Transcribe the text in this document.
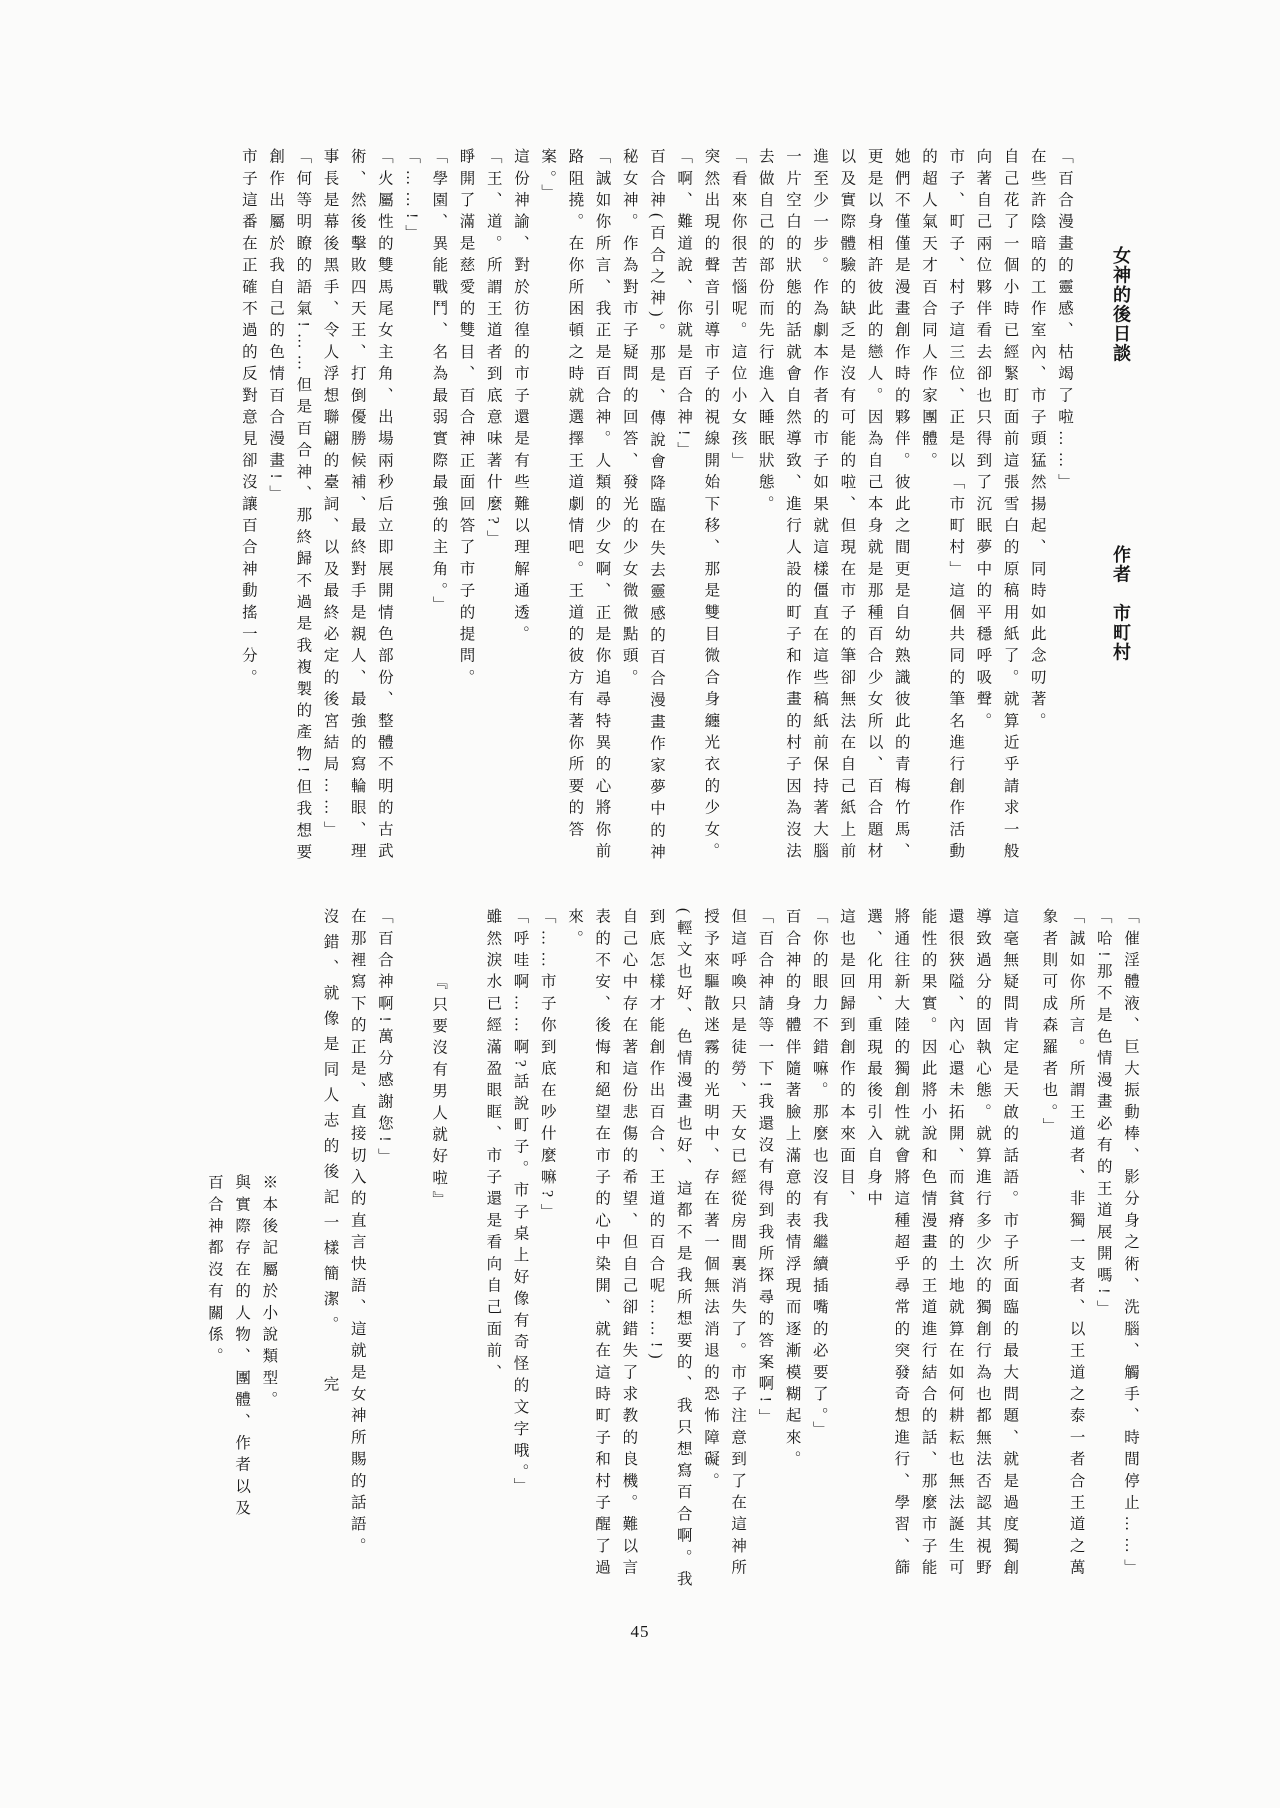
女神的後日談作者　市町村

「百合漫畫的靈感、枯竭了啦……」

在些許陰暗的工作室內、市子頭猛然揚起、同時如此念叨著。

自己花了一個小時已經緊盯面前這張雪白的原稿用紙了。就算近乎請求一般向著自己兩位夥伴看去卻也只得到了沉眠夢中的平穩呼吸聲。

市子、町子、村子這三位、正是以「市町村」這個共同的筆名進行創作活動的超人氣天才百合同人作家團體。

她們不僅僅是漫畫創作時的夥伴。彼此之間更是自幼熟識彼此的青梅竹馬、更是以身相許彼此的戀人。因為自己本身就是那種百合少女所以、百合題材以及實際體驗的缺乏是沒有可能的啦、但現在市子的筆卻無法在自己紙上前進至少一步。作為劇本作者的市子如果就這樣僵直在這些稿紙前保持著大腦一片空白的狀態的話就會自然導致、進行人設的町子和作畫的村子因為沒法去做自己的部份而先行進入睡眠狀態。

「看來你很苦惱呢。這位小女孩」

突然出現的聲音引導市子的視線開始下移、那是雙目微合身纏光衣的少女。

「啊、難道說、你就是百合神!」

百合神(百合之神)。那是、傳說會降臨在失去靈感的百合漫畫作家夢中的神秘女神。作為對市子疑問的回答、發光的少女微微點頭。

「誠如你所言、我正是百合神。人類的少女啊、正是你追尋特異的心將你前路阻撓。在你所困頓之時就選擇王道劇情吧。王道的彼方有著你所要的答案。」

這份神諭、對於彷徨的市子還是有些難以理解通透。

「王、道。所謂王道者到底意味著什麼?」

睜開了滿是慈愛的雙目、百合神正面回答了市子的提問。

「學園、異能戰鬥、名為最弱實際最強的主角。」

「……!」

「火屬性的雙馬尾女主角、出場兩秒后立即展開情色部份、整體不明的古武術、然後擊敗四天王、打倒優勝候補、最終對手是親人、最強的寫輪眼、理事長是幕後黑手、令人浮想聯翩的臺詞、以及最終必定的後宮結局……」

「何等明瞭的語氣!……但是百合神、那終歸不過是我複製的產物!但我想要創作出屬於我自己的色情百合漫畫!」

市子這番在正確不過的反對意見卻沒讓百合神動搖一分。

「催淫體液、巨大振動棒、影分身之術、洗腦、觸手、時間停止……」

「哈!那不是色情漫畫必有的王道展開嗎!」

「誠如你所言。所謂王道者、非獨一支者、以王道之泰一者合王道之萬象者則可成森羅者也。」

這毫無疑問肯定是天啟的話語。市子所面臨的最大問題、就是過度獨創導致過分的固執心態。就算進行多少次的獨創行為也都無法否認其視野還很狹隘、內心還未拓開、而貧瘠的土地就算在如何耕耘也無法誕生可能性的果實。因此將小說和色情漫畫的王道進行結合的話、那麼市子能將通往新大陸的獨創性就會將這種超乎尋常的突發奇想進行、學習、篩選、化用、重現最後引入自身中

這也是回歸到創作的本來面目、

「你的眼力不錯嘛。那麼也沒有我繼續插嘴的必要了。」

百合神的身體伴隨著臉上滿意的表情浮現而逐漸模糊起來。

「百合神請等一下!我還沒有得到我所探尋的答案啊!」

但這呼喚只是徒勞、天女已經從房間裏消失了。市子注意到了在這神所授予來驅散迷霧的光明中、存在著一個無法消退的恐怖障礙。

(輕文也好、色情漫畫也好、這都不是我所想要的、我只想寫百合啊。我到底怎樣才能創作出百合、王道的百合呢……!)

自己心中存在著這份悲傷的希望、但自己卻錯失了求教的良機。難以言表的不安、後悔和絕望在市子的心中染開、就在這時町子和村子醒了過來。

「……市子你到底在吵什麼嘛?」

「呼哇啊……啊?話說町子。市子桌上好像有奇怪的文字哦。」

雖然淚水已經滿盈眼眶、市子還是看向自己面前、

『只要沒有男人就好啦』

「百合神啊!萬分感謝您!」

在那裡寫下的正是、直接切入的直言快語、這就是女神所賜的話語。

沒錯、就像是同人志的後記一樣簡潔。完

※本後記屬於小說類型。

與實際存在的人物、團體、作者以及

百合神都沒有關係。

45
